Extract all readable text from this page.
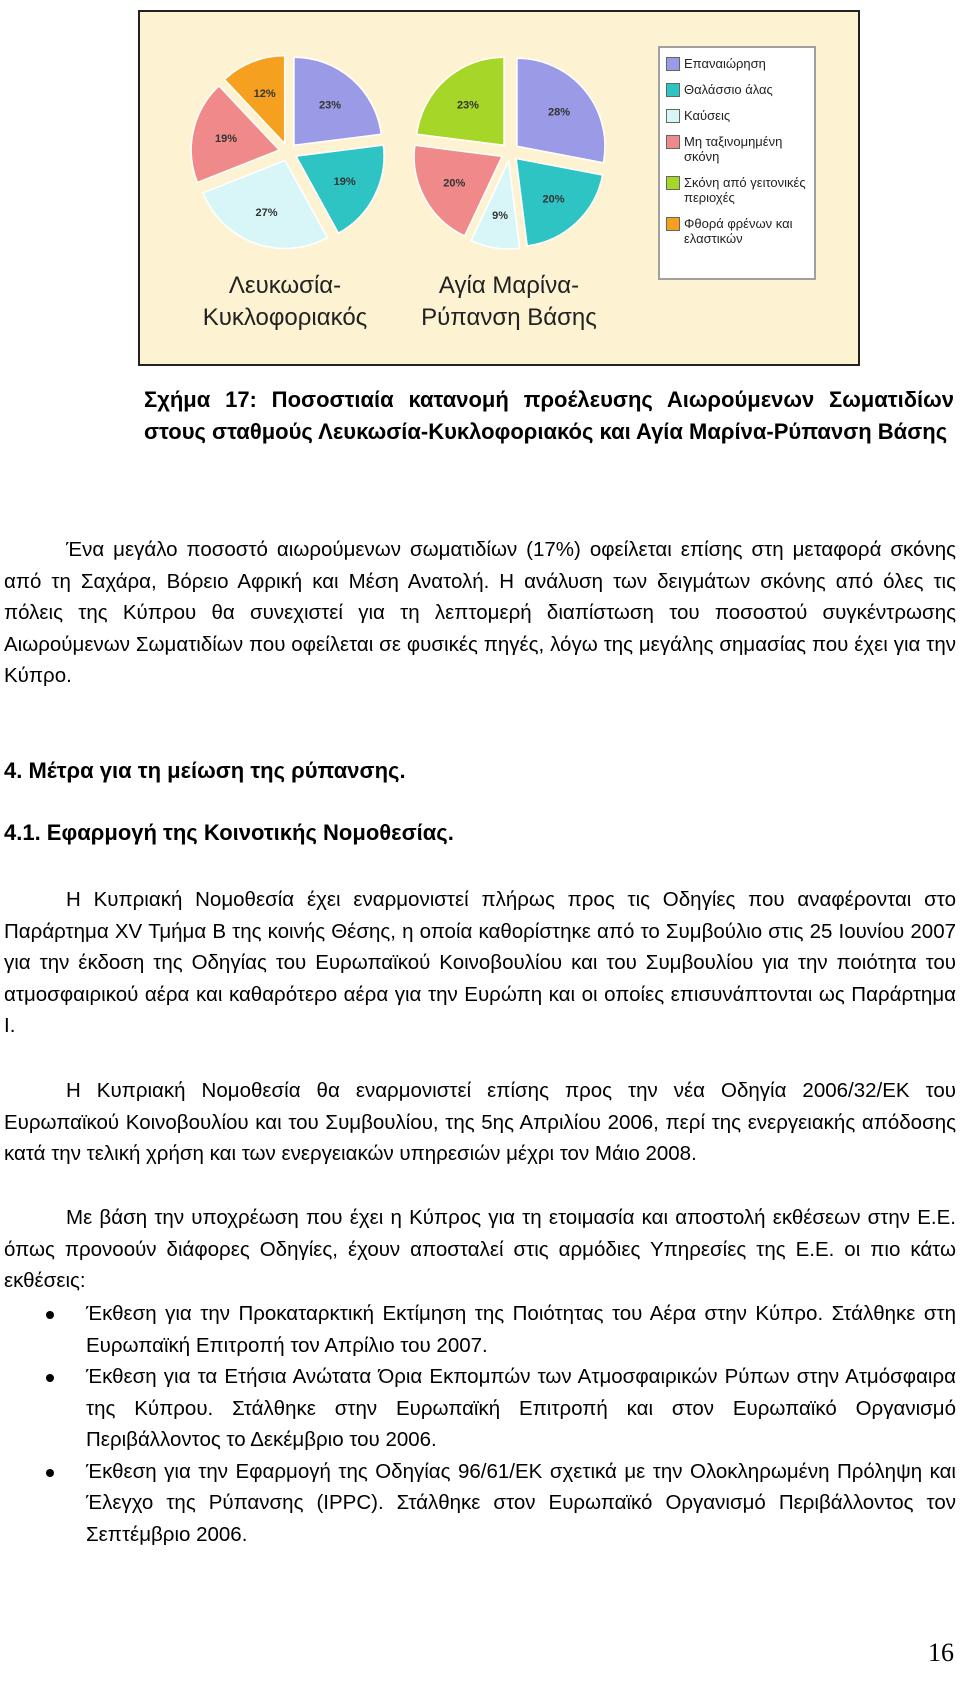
23%
19%
27%
19%
12%
28%
20%
9%
20%
23%
Λευκωσία-
Κυκλοφοριακός
Αγία Μαρίνα-
Ρύπανση Βάσης
Επαναιώρηση
Θαλάσσιο άλας
Καύσεις
Μη ταξινομημένη σκόνη
Σκόνη από γειτονικές περιοχές
Φθορά φρένων και ελαστικών
Σχήμα 17: Ποσοστιαία κατανομή προέλευσης Αιωρούμενων Σωματιδίων στους σταθμούς Λευκωσία-Κυκλοφοριακός και Αγία Μαρίνα-Ρύπανση Βάσης
Ένα μεγάλο ποσοστό αιωρούμενων σωματιδίων (17%) οφείλεται επίσης στη μεταφορά σκόνης από τη Σαχάρα, Βόρειο Αφρική και Μέση Ανατολή. Η ανάλυση των δειγμάτων σκόνης από όλες τις πόλεις της Κύπρου θα συνεχιστεί για τη λεπτομερή διαπίστωση του ποσοστού συγκέντρωσης Αιωρούμενων Σωματιδίων που οφείλεται σε φυσικές πηγές, λόγω της μεγάλης σημασίας που έχει για την Κύπρο.
4. Μέτρα για τη μείωση της ρύπανσης.
4.1. Εφαρμογή της Κοινοτικής Νομοθεσίας.
Η Κυπριακή Νομοθεσία έχει εναρμονιστεί πλήρως προς τις Οδηγίες που αναφέρονται στο Παράρτημα XV Τμήμα Β της κοινής Θέσης, η οποία καθορίστηκε από το Συμβούλιο στις 25 Ιουνίου 2007 για την έκδοση της Οδηγίας του Ευρωπαϊκού Κοινοβουλίου και του Συμβουλίου για την ποιότητα του ατμοσφαιρικού αέρα και καθαρότερο αέρα για την Ευρώπη και οι οποίες επισυνάπτονται ως Παράρτημα Ι.
Η Κυπριακή Νομοθεσία θα εναρμονιστεί επίσης προς την νέα Οδηγία 2006/32/ΕΚ του Ευρωπαϊκού Κοινοβουλίου και του Συμβουλίου, της 5ης Απριλίου 2006, περί της ενεργειακής απόδοσης κατά την τελική χρήση και των ενεργειακών υπηρεσιών μέχρι τον Μάιο 2008.
Με βάση την υποχρέωση που έχει η Κύπρος για τη ετοιμασία και αποστολή εκθέσεων στην Ε.Ε. όπως προνοούν διάφορες Οδηγίες, έχουν αποσταλεί στις αρμόδιες Υπηρεσίες της Ε.Ε. οι πιο κάτω εκθέσεις:
Έκθεση για την Προκαταρκτική Εκτίμηση της Ποιότητας του Αέρα στην Κύπρο. Στάλθηκε στη Ευρωπαϊκή Επιτροπή τον Απρίλιο του 2007.
Έκθεση για τα Ετήσια Ανώτατα Όρια Εκπομπών των Ατμοσφαιρικών Ρύπων στην Ατμόσφαιρα της Κύπρου. Στάλθηκε στην Ευρωπαϊκή Επιτροπή και στον Ευρωπαϊκό Οργανισμό Περιβάλλοντος το Δεκέμβριο του 2006.
Έκθεση για την Εφαρμογή της Οδηγίας 96/61/ΕΚ σχετικά με την Ολοκληρωμένη Πρόληψη και Έλεγχο της Ρύπανσης (IPPC). Στάλθηκε στον Ευρωπαϊκό Οργανισμό Περιβάλλοντος τον Σεπτέμβριο 2006.
16
